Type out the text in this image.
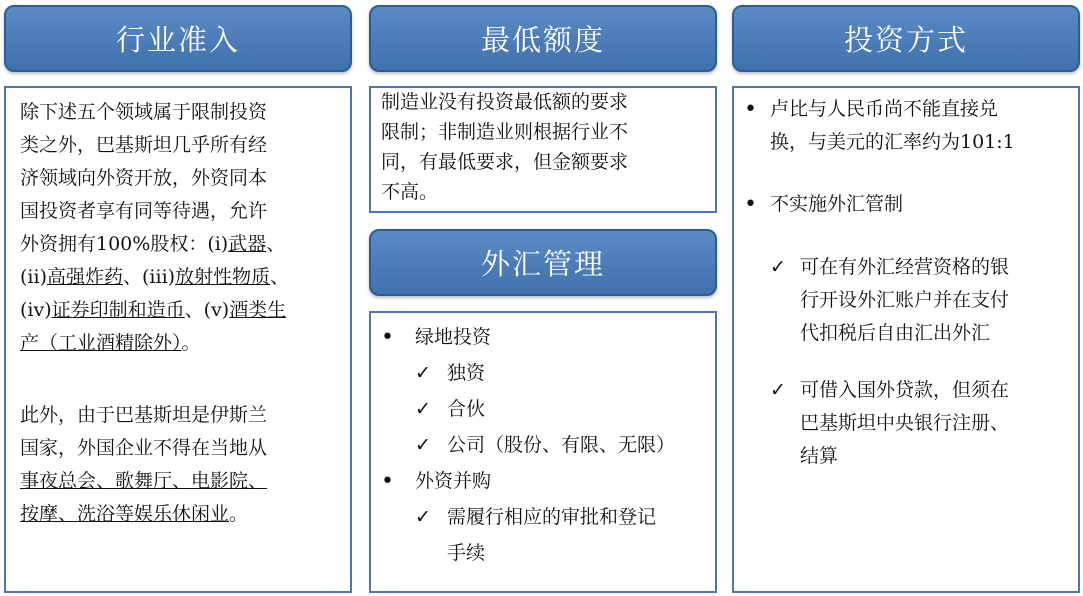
行业准入	最低额度	投资方式
外汇管理
除下述五个领域属于限制投资
类之外，巴基斯坦几乎所有经
济领域向外资开放，外资同本
国投资者享有同等待遇，允许
外资拥有100%股权：(i)武器、
(ii)高强炸药、(iii)放射性物质、
(iv)证券印制和造币、(v)酒类生
产（工业酒精除外）。
此外，由于巴基斯坦是伊斯兰
国家，外国企业不得在当地从
事夜总会、歌舞厅、电影院、
按摩、洗浴等娱乐休闲业。
制造业没有投资最低额的要求
限制；非制造业则根据行业不
同，有最低要求，但金额要求
不高。
• 绿地投资
✓ 独资
✓ 合伙
✓ 公司（股份、有限、无限）
• 外资并购
✓ 需履行相应的审批和登记
手续
• 卢比与人民币尚不能直接兑
换，与美元的汇率约为101:1
• 不实施外汇管制
✓ 可在有外汇经营资格的银
行开设外汇账户并在支付
代扣税后自由汇出外汇
✓ 可借入国外贷款，但须在
巴基斯坦中央银行注册、
结算
